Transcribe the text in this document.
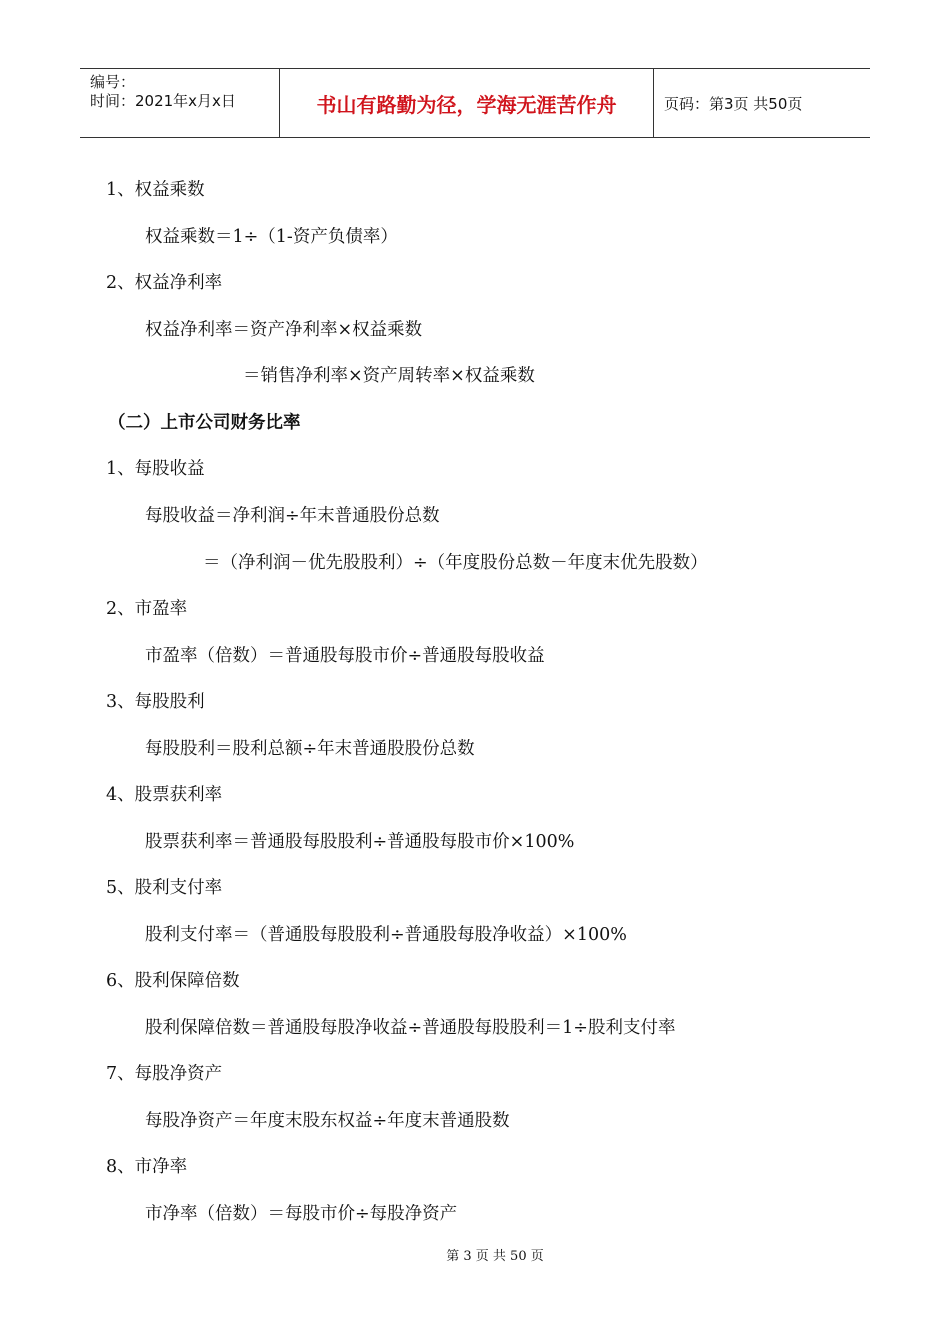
编号：
时间：2021年x月x日	书山有路勤为径，学海无涯苦作舟	页码：第3页 共50页
1、权益乘数
权益乘数＝1÷（1-资产负债率）
2、权益净利率
权益净利率＝资产净利率×权益乘数
＝销售净利率×资产周转率×权益乘数
（二）上市公司财务比率
1、每股收益
每股收益＝净利润÷年末普通股份总数
＝（净利润－优先股股利）÷（年度股份总数－年度末优先股数）
2、市盈率
市盈率（倍数）＝普通股每股市价÷普通股每股收益
3、每股股利
每股股利＝股利总额÷年末普通股股份总数
4、股票获利率
股票获利率＝普通股每股股利÷普通股每股市价×100%
5、股利支付率
股利支付率＝（普通股每股股利÷普通股每股净收益）×100%
6、股利保障倍数
股利保障倍数＝普通股每股净收益÷普通股每股股利＝1÷股利支付率
7、每股净资产
每股净资产＝年度末股东权益÷年度末普通股数
8、市净率
市净率（倍数）＝每股市价÷每股净资产
第 3 页 共 50 页
